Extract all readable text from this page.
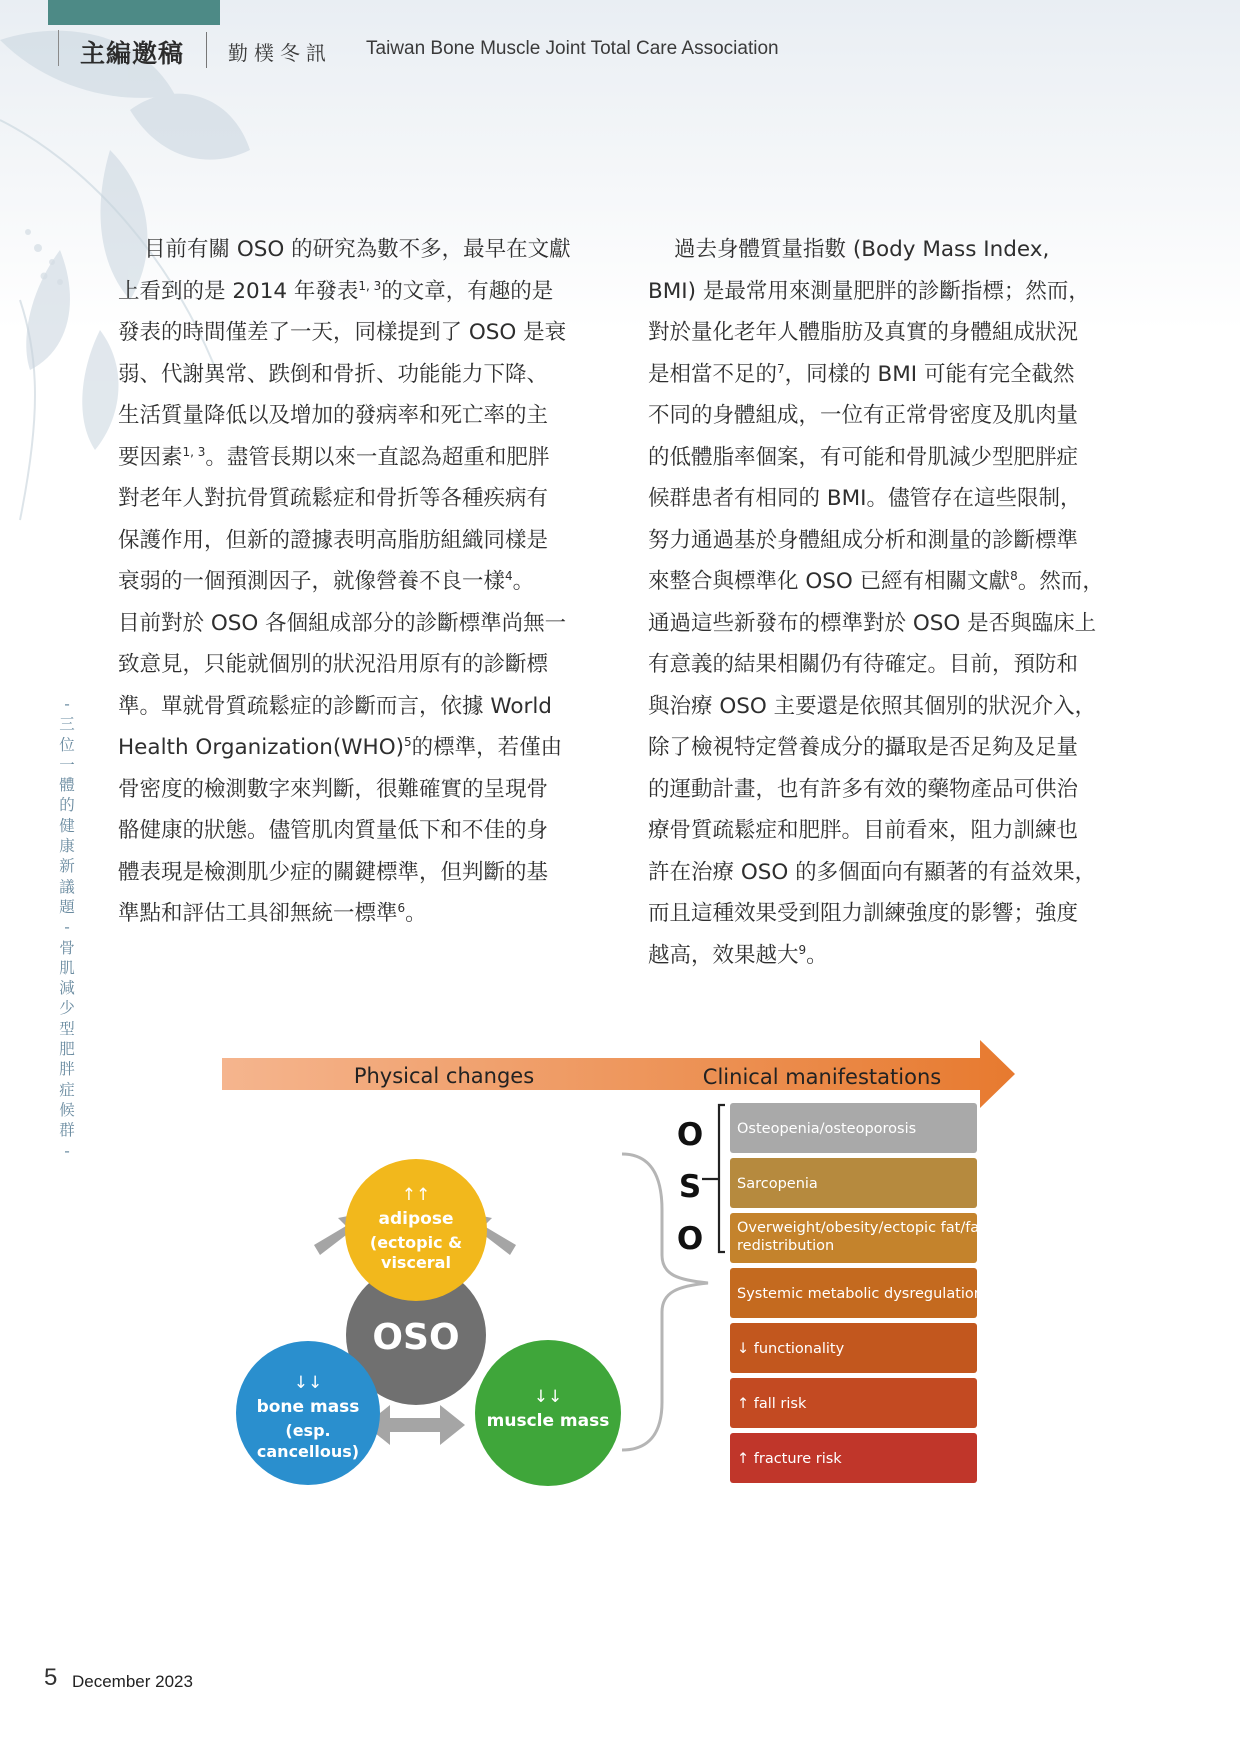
主編邀稿 勤樸冬訊 Taiwan Bone Muscle Joint Total Care Association
-
三
位
一
體
的
健
康
新
議
題
-
骨
肌
減
少
型
肥
胖
症
候
群
-
目前有關 OSO 的研究為數不多，最早在文獻
上看到的是 2014 年發表$^{1, 3}$的文章，有趣的是
發表的時間僅差了一天，同樣提到了 OSO 是衰
弱、代謝異常、跌倒和骨折、功能能力下降、
生活質量降低以及增加的發病率和死亡率的主
要因素$^{1, 3}$。盡管長期以來一直認為超重和肥胖
對老年人對抗骨質疏鬆症和骨折等各種疾病有
保護作用，但新的證據表明高脂肪組織同樣是
衰弱的一個預測因子，就像營養不良一樣$^4$。
目前對於 OSO 各個組成部分的診斷標準尚無一
致意見，只能就個別的狀況沿用原有的診斷標
準。單就骨質疏鬆症的診斷而言，依據 World
Health Organization(WHO)$^5$的標準，若僅由
骨密度的檢測數字來判斷，很難確實的呈現骨
骼健康的狀態。儘管肌肉質量低下和不佳的身
體表現是檢測肌少症的關鍵標準，但判斷的基
準點和評估工具卻無統一標準$^6$。
過去身體質量指數 (Body Mass Index,
BMI) 是最常用來測量肥胖的診斷指標；然而，
對於量化老年人體脂肪及真實的身體組成狀況
是相當不足的$^7$，同樣的 BMI 可能有完全截然
不同的身體組成，一位有正常骨密度及肌肉量
的低體脂率個案，有可能和骨肌減少型肥胖症
候群患者有相同的 BMI。儘管存在這些限制，
努力通過基於身體組成分析和測量的診斷標準
來整合與標準化 OSO 已經有相關文獻$^8$。然而，
通過這些新發布的標準對於 OSO 是否與臨床上
有意義的結果相關仍有待確定。目前，預防和
與治療 OSO 主要還是依照其個別的狀況介入，
除了檢視特定營養成分的攝取是否足夠及足量
的運動計畫，也有許多有效的藥物產品可供治
療骨質疏鬆症和肥胖。目前看來，阻力訓練也
許在治療 OSO 的多個面向有顯著的有益效果，
而且這種效果受到阻力訓練強度的影響；強度
越高，效果越大$^9$。
Physical changes	Clinical manifestations
OSO
↑↑
adipose
(ectopic &
visceral
↓↓
bone mass
(esp.
cancellous)
↓↓
muscle mass
O
S
O
Osteopenia/osteoporosis
Sarcopenia
Overweight/obesity/ectopic fat/fat
redistribution
Systemic metabolic dysregulation
↓ functionality
↑ fall risk
↑ fracture risk
5 December 2023
